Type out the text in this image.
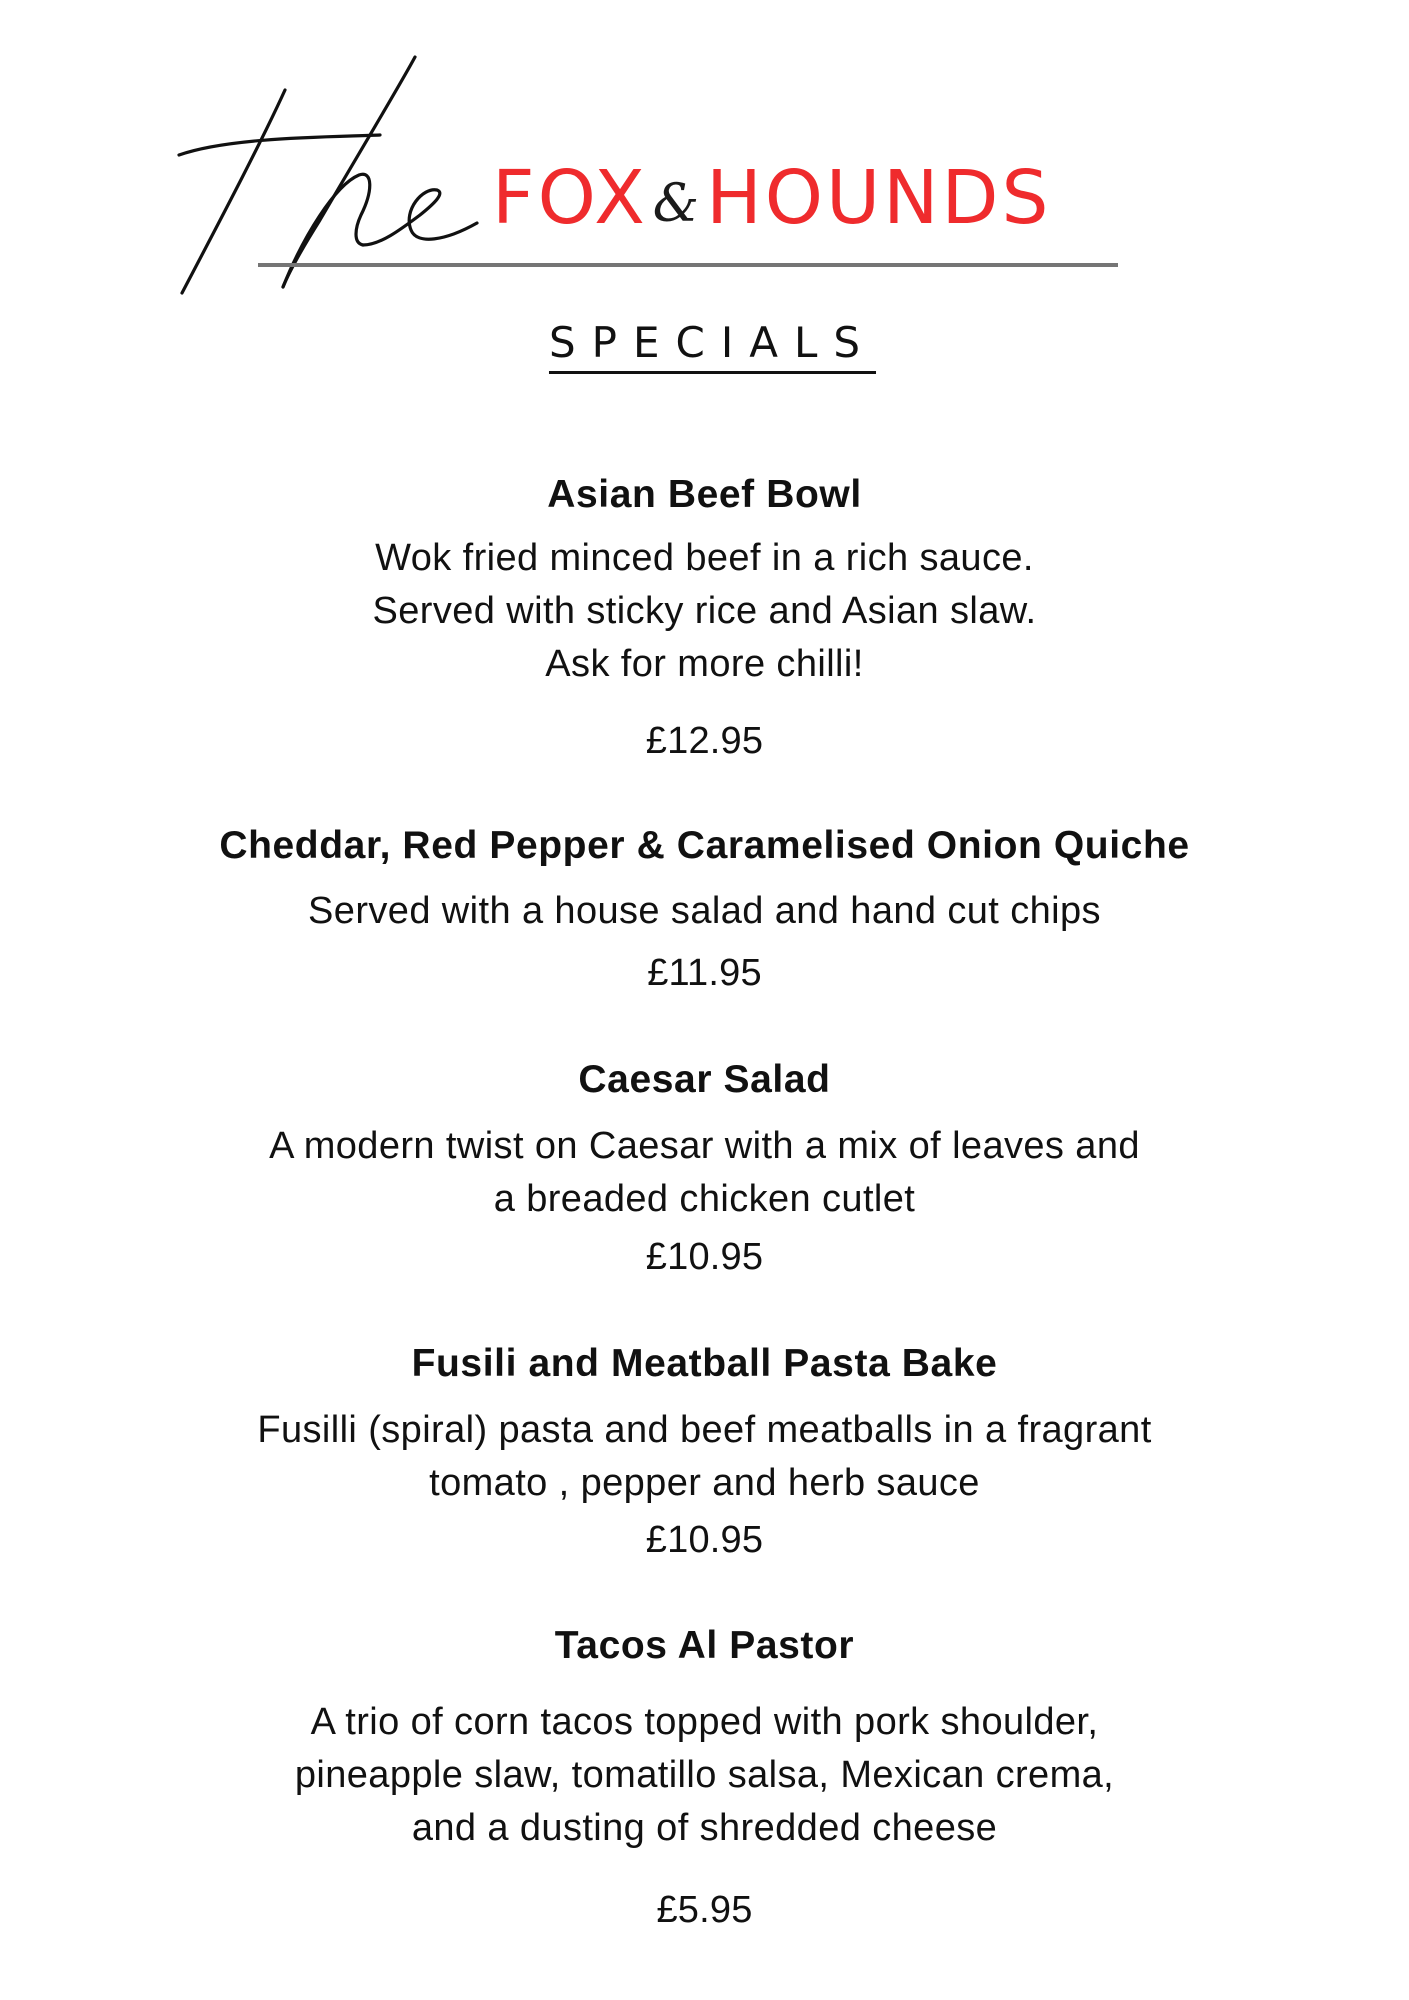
FOX & HOUNDS
SPECIALS
Asian Beef Bowl

Wok fried minced beef in a rich sauce.
Served with sticky rice and Asian slaw.
Ask for more chilli!

£12.95

Cheddar, Red Pepper & Caramelised Onion Quiche

Served with a house salad and hand cut chips

£11.95

Caesar Salad

A modern twist on Caesar with a mix of leaves and
a breaded chicken cutlet

£10.95

Fusili and Meatball Pasta Bake

Fusilli (spiral) pasta and beef meatballs in a fragrant
tomato , pepper and herb sauce

£10.95

Tacos Al Pastor

A trio of corn tacos topped with pork shoulder,
pineapple slaw, tomatillo salsa, Mexican crema,
and a dusting of shredded cheese

£5.95
